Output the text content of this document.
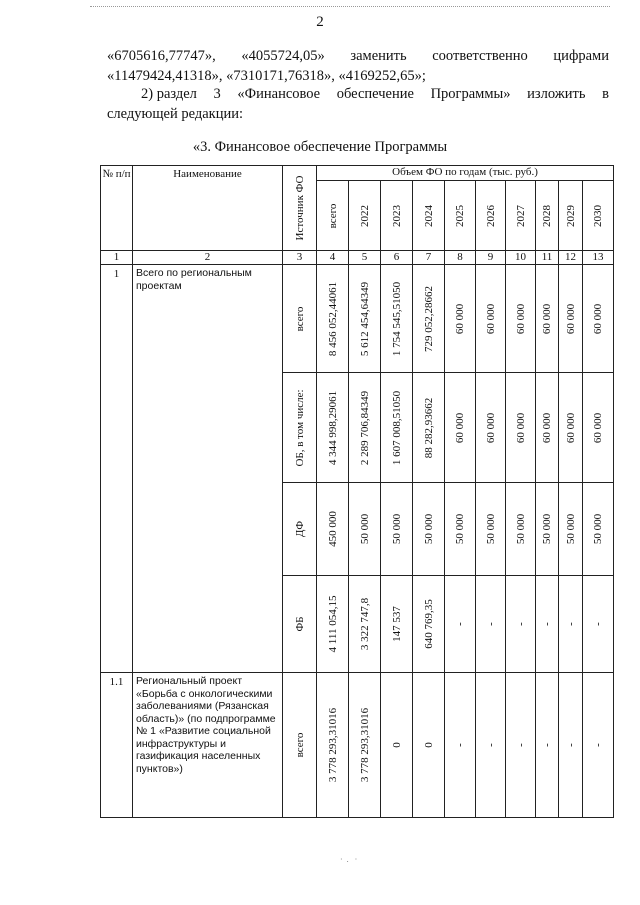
2
«6705616,77747», «4055724,05» заменить соответственно цифрами
«11479424,41318», «7310171,76318», «4169252,65»;
2) раздел 3 «Финансовое обеспечение Программы» изложить в
следующей редакции:
«3. Финансовое обеспечение Программы
№ п/п	Наименование	Источник ФО	Объем ФО по годам (тыс. руб.)									

			всего	2022	2023	2024	2025	2026	2027	2028	2029	2030

1	2	3	4	5	6	7	8	9	10	11	12	13
1	Всего по региональным проектам	всего	8 456 052,44061	5 612 454,64349	1 754 545,51050	729 052,28662	60 000	60 000	60 000	60 000	60 000	60 000

		ОБ, в том числе:	4 344 998,29061	2 289 706,84349	1 607 008,51050	88 282,93662	60 000	60 000	60 000	60 000	60 000	60 000

		ДФ	450 000	50 000	50 000	50 000	50 000	50 000	50 000	50 000	50 000	50 000

		ФБ	4 111 054,15	3 322 747,8	147 537	640 769,35	-	-	-	-	-	-

1.1	Региональный проект «Борьба с онкологическими заболеваниями (Рязанская область)» (по подпрограмме № 1 «Развитие социальной инфраструктуры и газификация населенных пунктов»)	всего	3 778 293,31016	3 778 293,31016	0	0	-	-	-	-	-	-
·  .   ·
